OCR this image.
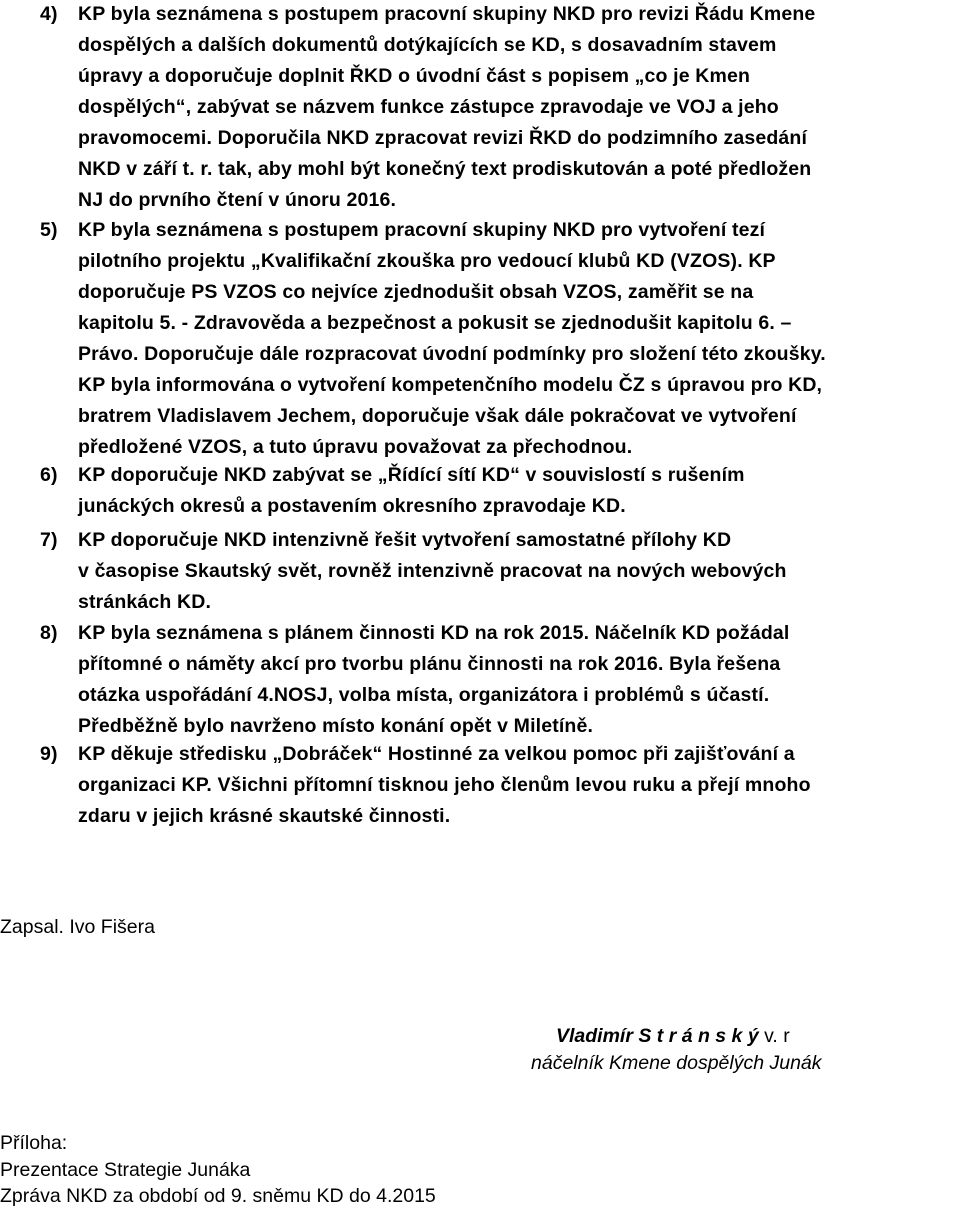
4) KP byla seznámena s postupem pracovní skupiny NKD pro revizi Řádu Kmene
dospělých a dalších dokumentů dotýkajících se KD, s dosavadním stavem
úpravy a doporučuje doplnit ŘKD o úvodní část s popisem „co je Kmen
dospělých“, zabývat se názvem funkce zástupce zpravodaje ve VOJ a jeho
pravomocemi. Doporučila NKD zpracovat revizi ŘKD do podzimního zasedání
NKD v září t. r. tak, aby mohl být konečný text prodiskutován a poté předložen
NJ do prvního čtení v únoru 2016.
5) KP byla seznámena s postupem pracovní skupiny NKD pro vytvoření tezí
pilotního projektu „Kvalifikační zkouška pro vedoucí klubů KD (VZOS). KP
doporučuje PS VZOS co nejvíce zjednodušit obsah VZOS, zaměřit se na
kapitolu 5. - Zdravověda a bezpečnost a pokusit se zjednodušit kapitolu 6. –
Právo. Doporučuje dále rozpracovat úvodní podmínky pro složení této zkoušky.
KP byla informována o vytvoření kompetenčního modelu ČZ s úpravou pro KD,
bratrem Vladislavem Jechem, doporučuje však dále pokračovat ve vytvoření
předložené VZOS, a tuto úpravu považovat za přechodnou.
6) KP doporučuje NKD zabývat se „Řídící sítí KD“ v souvislostí s rušením
junáckých okresů a postavením okresního zpravodaje KD.
7) KP doporučuje NKD intenzivně řešit vytvoření samostatné přílohy KD
v časopise Skautský svět, rovněž intenzivně pracovat na nových webových
stránkách KD.
8) KP byla seznámena s plánem činnosti KD na rok 2015. Náčelník KD požádal
přítomné o náměty akcí pro tvorbu plánu činnosti na rok 2016. Byla řešena
otázka uspořádání 4.NOSJ, volba místa, organizátora i problémů s účastí.
Předběžně bylo navrženo místo konání opět v Miletíně.
9) KP děkuje středisku „Dobráček“ Hostinné za velkou pomoc při zajišťování a
organizaci KP. Všichni přítomní tisknou jeho členům levou ruku a přejí mnoho
zdaru v jejich krásné skautské činnosti.
Zapsal. Ivo Fišera
Vladimír S t r á n s k ý v. r
náčelník Kmene dospělých Junák
Příloha:
Prezentace Strategie Junáka
Zpráva NKD za období od 9. sněmu KD do 4.2015
